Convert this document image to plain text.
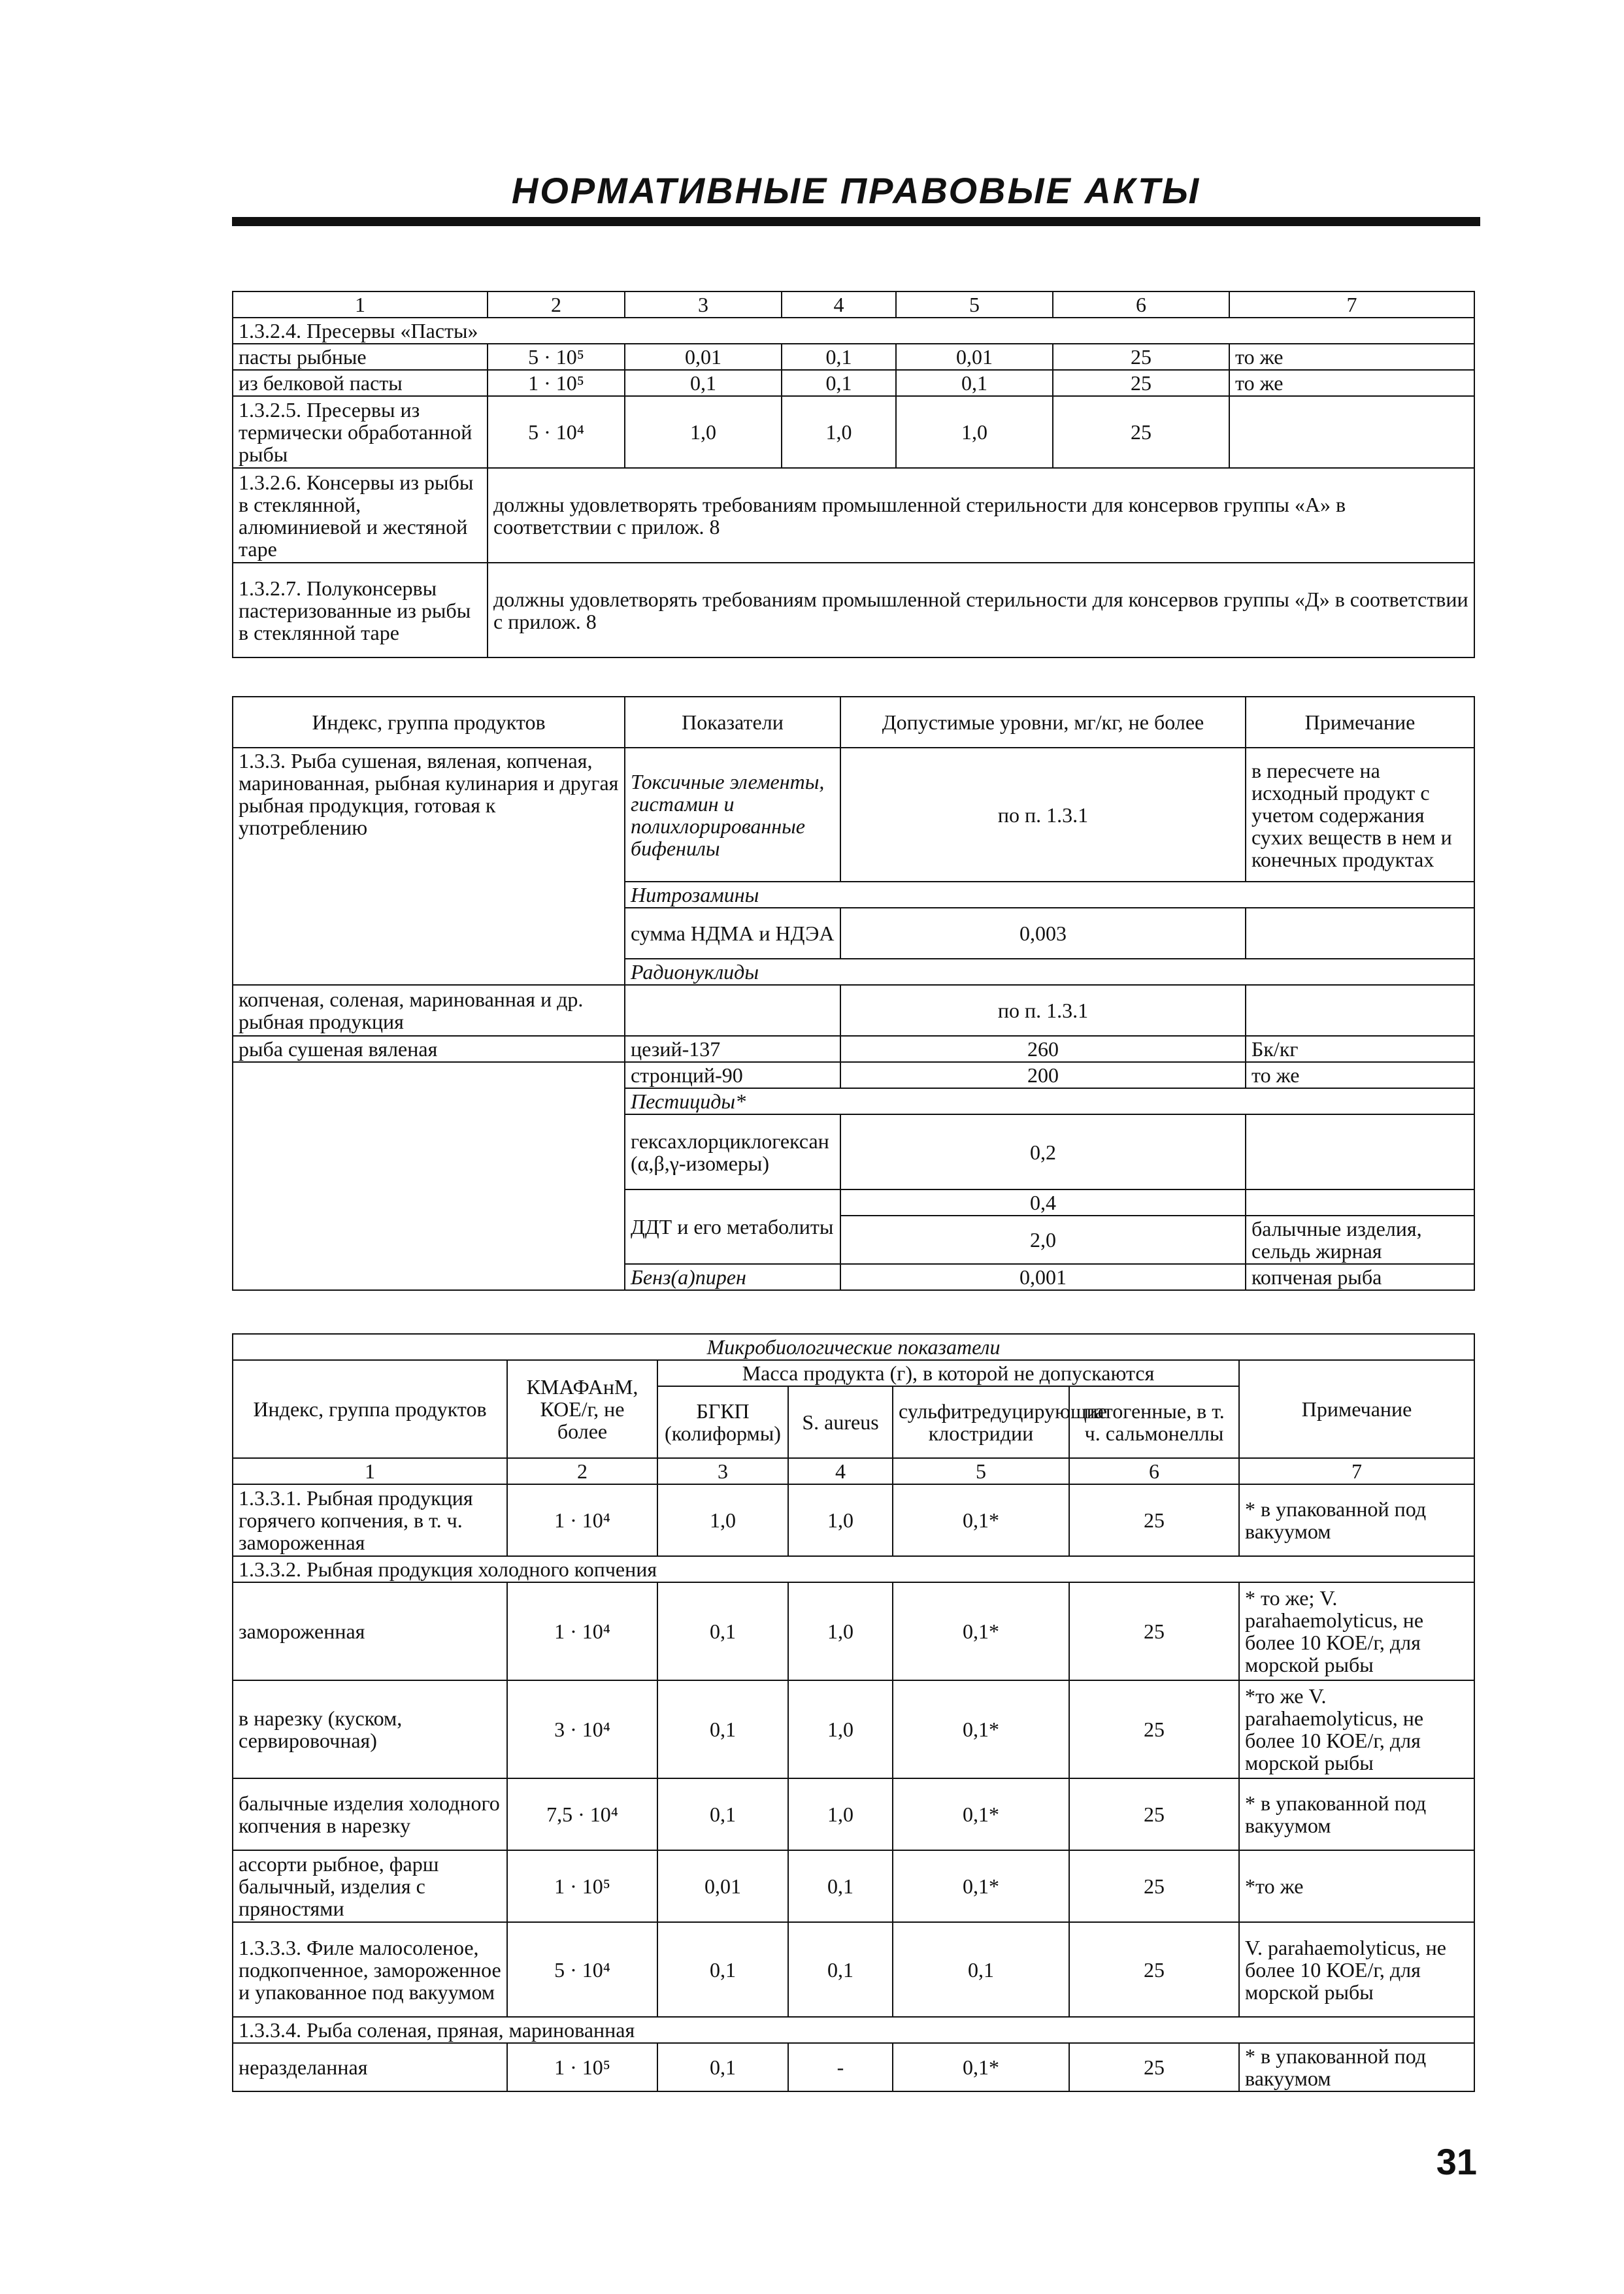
НОРМАТИВНЫЕ ПРАВОВЫЕ АКТЫ
1	2	3	4	5	6	7
1.3.2.4. Пресервы «Пасты»						
пасты рыбные	5 · 10⁵	0,01	0,1	0,01	25	то же
из белковой пасты	1 · 10⁵	0,1	0,1	0,1	25	то же
1.3.2.5. Пресервы из термически обработанной рыбы	5 · 10⁴	1,0	1,0	1,0	25	
1.3.2.6. Консервы из рыбы в стеклянной, алюминиевой и жестяной таре	должны удовлетворять требованиям промышленной стерильности для консервов группы «А» в соответствии с прилож. 8					
1.3.2.7. Полуконсервы пастеризованные из рыбы в стеклянной таре	должны удовлетворять требованиям промышленной стерильности для консервов группы «Д» в соответствии с прилож. 8					
Индекс, группа продуктов	Показатели	Допустимые уровни, мг/кг, не более	Примечание
1.3.3. Рыба сушеная, вяленая, копченая, маринованная, рыбная кулинария и другая рыбная продукция, готовая к употреблению	Токсичные элементы, гистамин и полихлорированные бифенилы	по п. 1.3.1	в пересчете на исходный продукт с учетом содержания сухих веществ в нем и конечных продуктах
	Нитрозамины		
	сумма НДМА и НДЭА	0,003	
	Радионуклиды		
копченая, соленая, маринованная и др. рыбная продукция		по п. 1.3.1	
рыба сушеная вяленая	цезий-137	260	Бк/кг
	стронций-90	200	то же
	Пестициды*		
	гексахлорциклогексан (α,β,γ-изомеры)	0,2	
	ДДТ и его метаболиты	0,4	
		2,0	балычные изделия, сельдь жирная
	Бенз(а)пирен	0,001	копченая рыба
Микробиологические показатели						
Индекс, группа продуктов	КМАФАнМ, КОЕ/г, не более	Масса продукта (г), в которой не допускаются				Примечание
		БГКП (колиформы)	S. aureus	сульфитредуцирующие клостридии	патогенные, в т. ч. сальмонеллы	
1	2	3	4	5	6	7
1.3.3.1. Рыбная продукция горячего копчения, в т. ч. замороженная	1 · 10⁴	1,0	1,0	0,1*	25	* в упакованной под вакуумом
1.3.3.2. Рыбная продукция холодного копчения						
замороженная	1 · 10⁴	0,1	1,0	0,1*	25	* то же; V. parahaemolyticus, не более 10 КОЕ/г, для морской рыбы
в нарезку (куском, сервировочная)	3 · 10⁴	0,1	1,0	0,1*	25	*то же V. parahaemolyticus, не более 10 КОЕ/г, для морской рыбы
балычные изделия холодного копчения в нарезку	7,5 · 10⁴	0,1	1,0	0,1*	25	* в упакованной под вакуумом
ассорти рыбное, фарш балычный, изделия с пряностями	1 · 10⁵	0,01	0,1	0,1*	25	*то же
1.3.3.3. Филе малосоленое, подкопченное, замороженное и упакованное под вакуумом	5 · 10⁴	0,1	0,1	0,1	25	V. parahaemolyticus, не более 10 КОЕ/г, для морской рыбы
1.3.3.4. Рыба соленая, пряная, маринованная						
неразделанная	1 · 10⁵	0,1	-	0,1*	25	* в упакованной под вакуумом
31
